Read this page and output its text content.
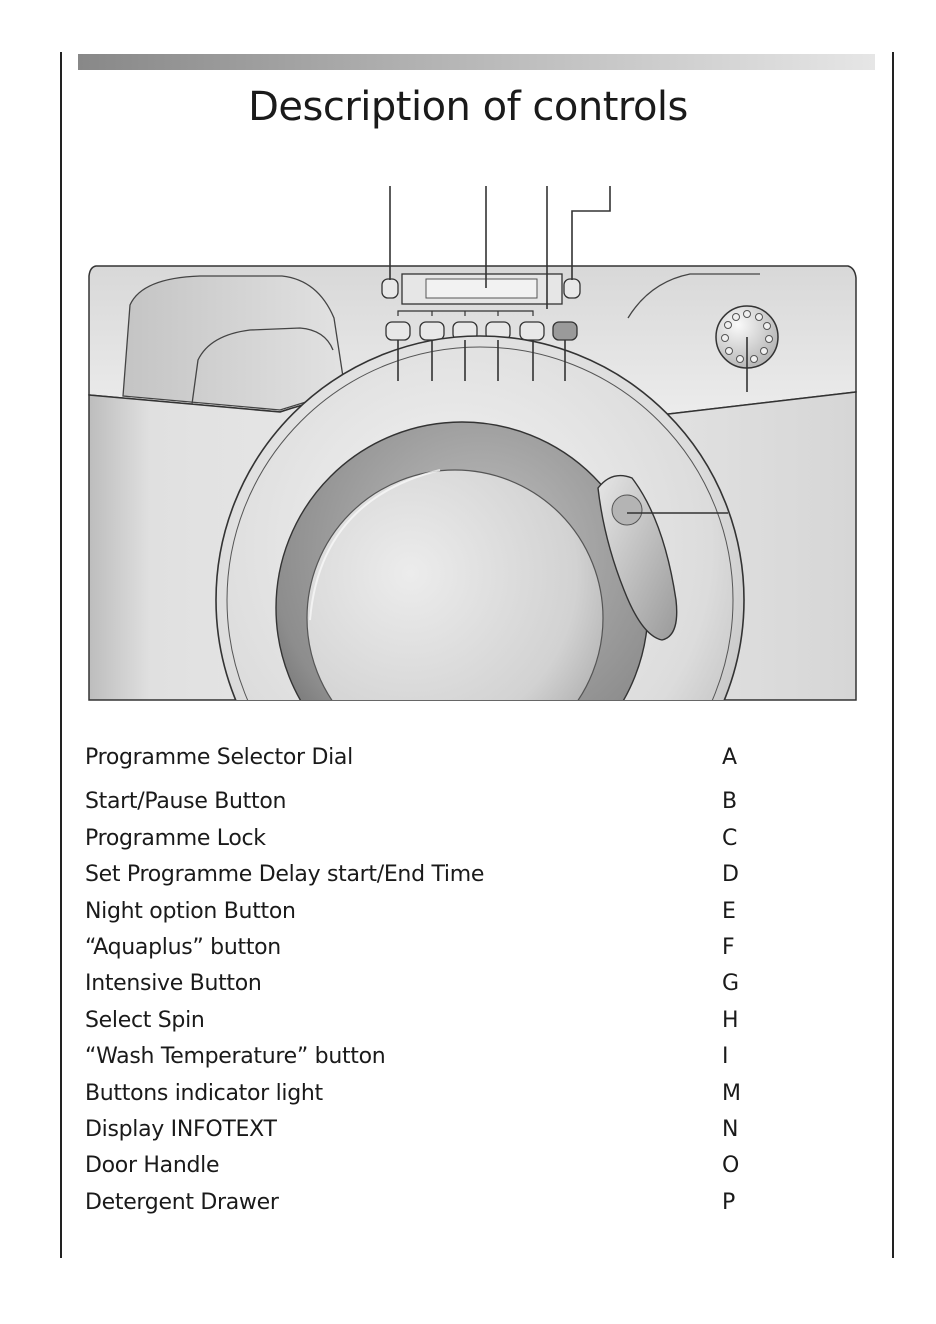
Description of controls
Programme Selector Dial	A
Start/Pause Button	B
Programme Lock	C
Set Programme Delay start/End Time	D
Night option Button	E
“Aquaplus” button	F
Intensive Button	G
Select Spin	H
“Wash Temperature” button	I
Buttons indicator light	M
Display INFOTEXT	N
Door Handle	O
Detergent Drawer	P
